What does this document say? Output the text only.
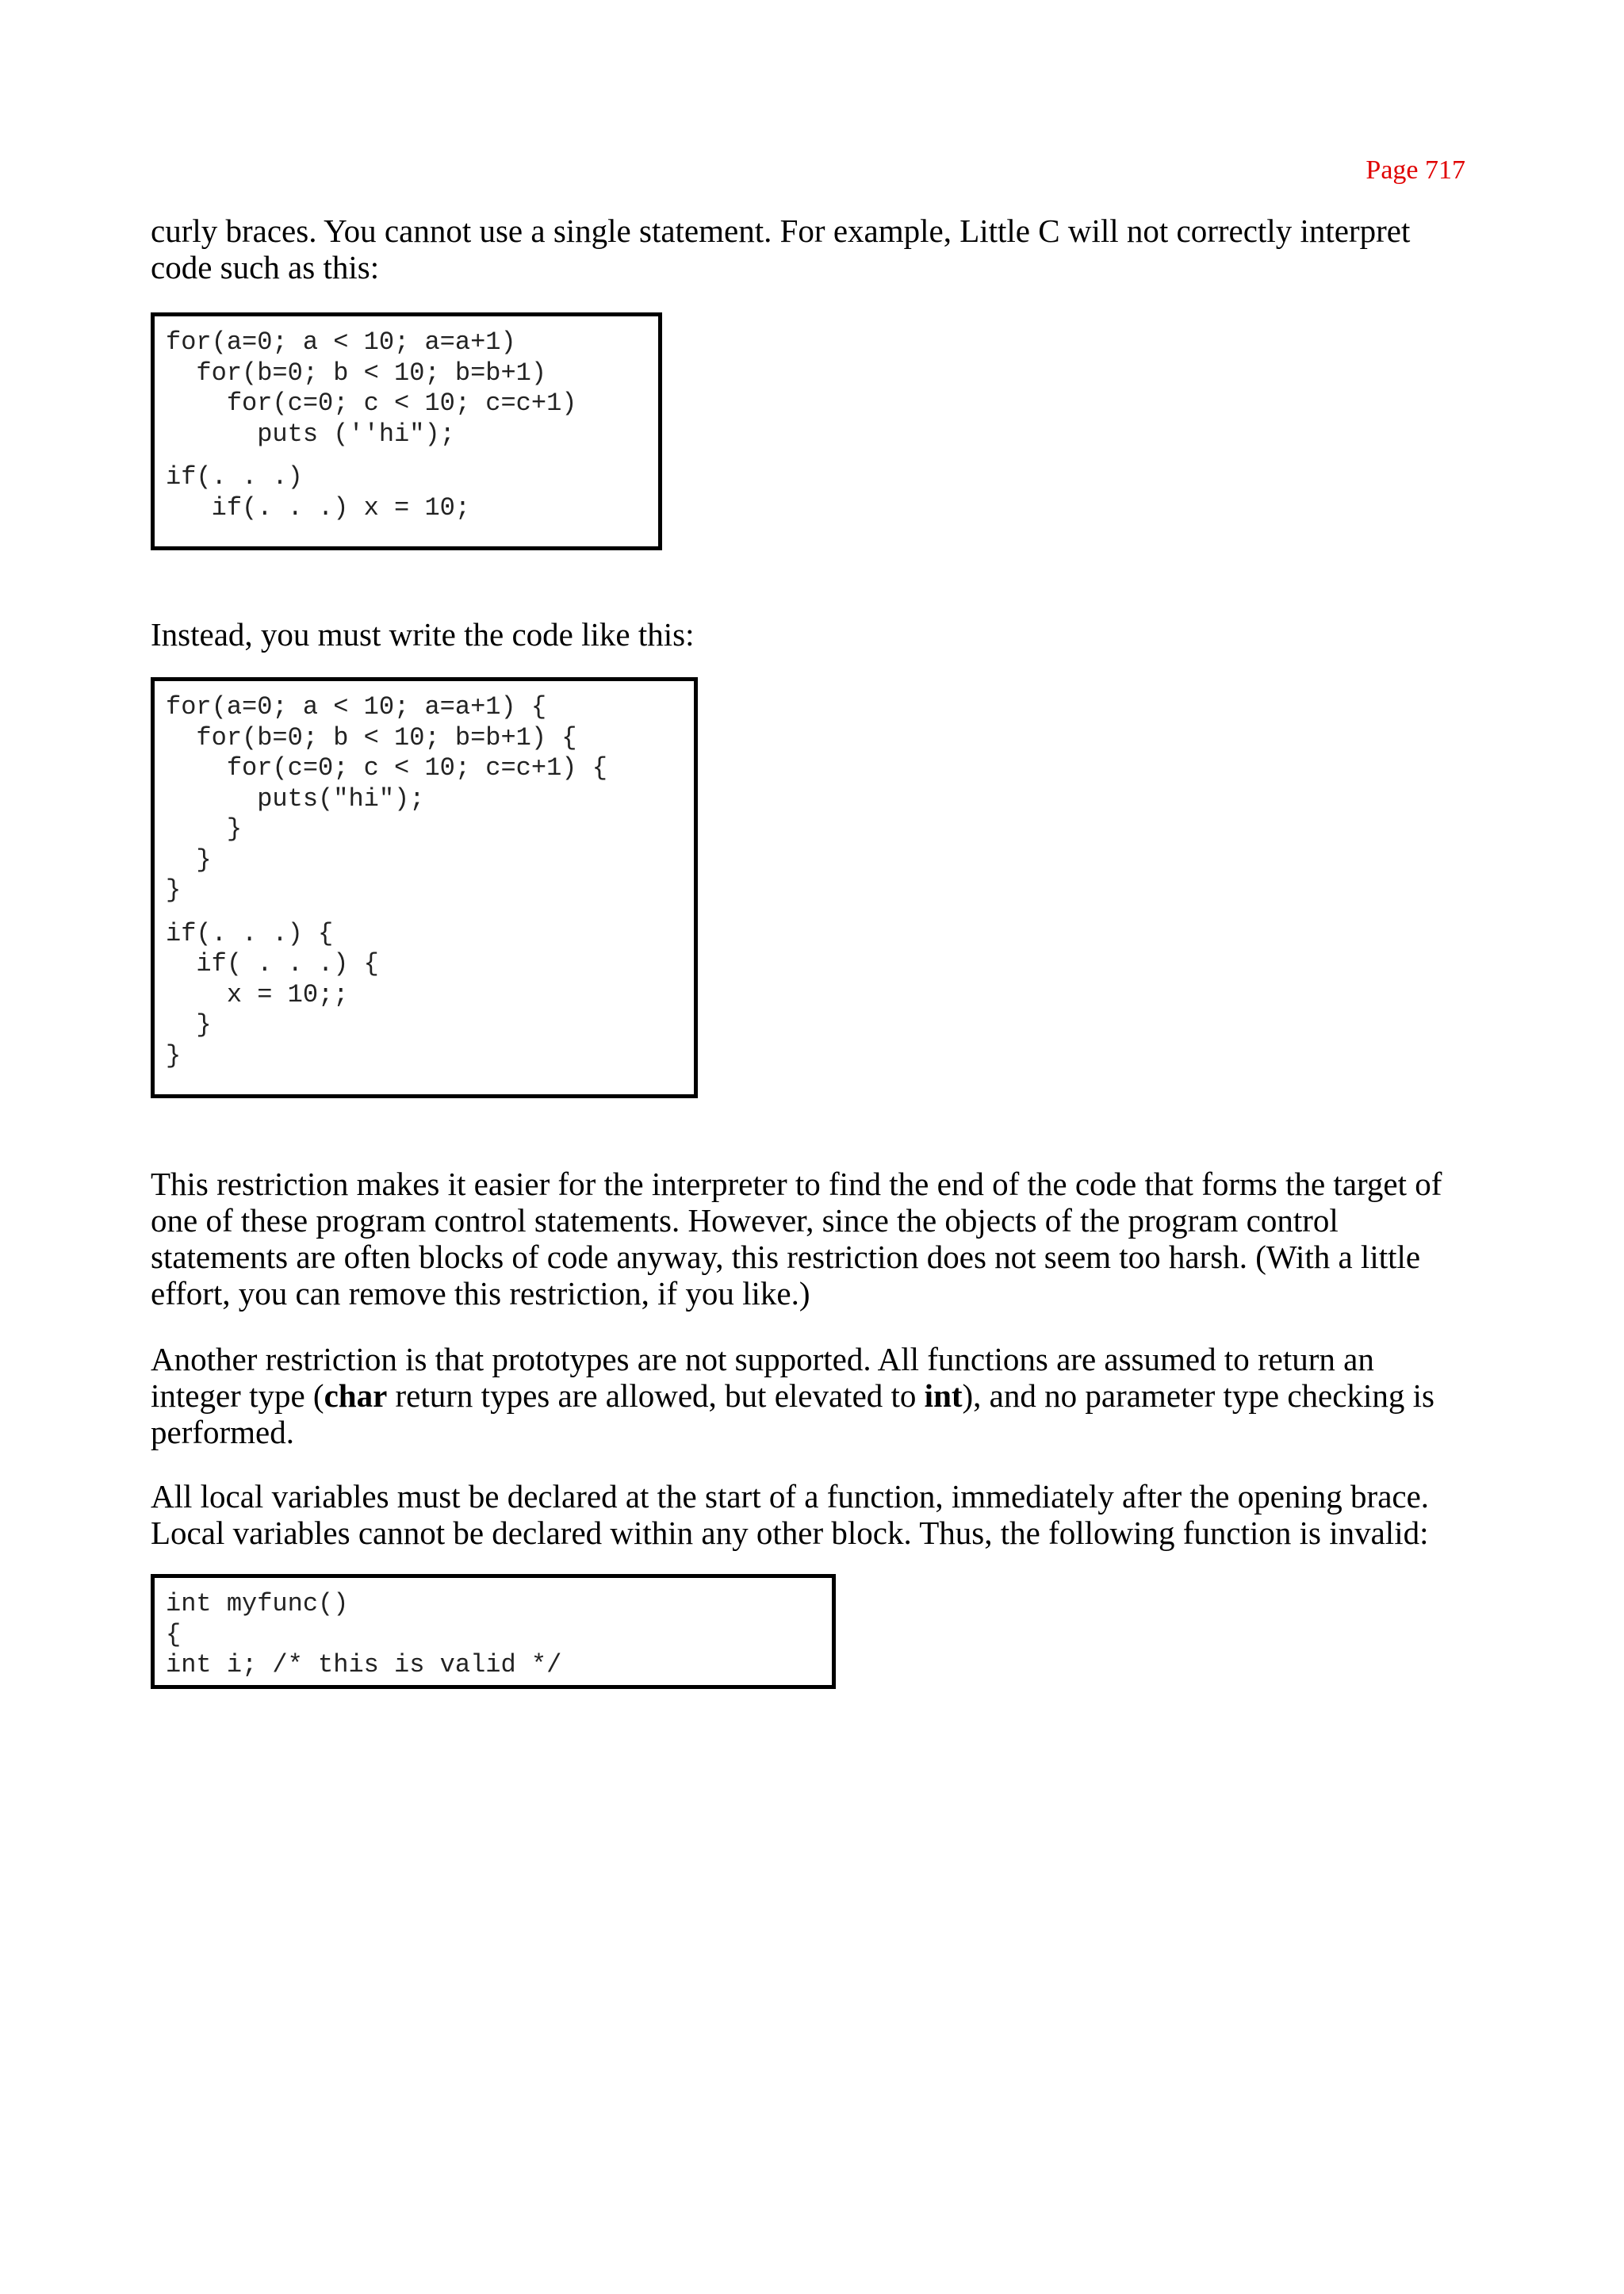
Page 717

curly braces. You cannot use a single statement. For example, Little C will not correctly interpret code such as this:

for(a=0; a < 10; a=a+1)
for(b=0; b < 10; b=b+1)
for(c=0; c < 10; c=c+1)
puts (''hi");
if(. . .)
if(. . .) x = 10;

Instead, you must write the code like this:

for(a=0; a < 10; a=a+1) {
for(b=0; b < 10; b=b+1) {
for(c=0; c < 10; c=c+1) {
puts("hi");
}
}
}
if(. . .) {
if( . . .) {
x = 10;;
}
}

This restriction makes it easier for the interpreter to find the end of the code that forms the target of one of these program control statements. However, since the objects of the program control statements are often blocks of code anyway, this restriction does not seem too harsh. (With a little effort, you can remove this restriction, if you like.)

Another restriction is that prototypes are not supported. All functions are assumed to return an integer type (char return types are allowed, but elevated to int), and no parameter type checking is performed.

All local variables must be declared at the start of a function, immediately after the opening brace. Local variables cannot be declared within any other block. Thus, the following function is invalid:

int myfunc()
{
int i; /* this is valid */
